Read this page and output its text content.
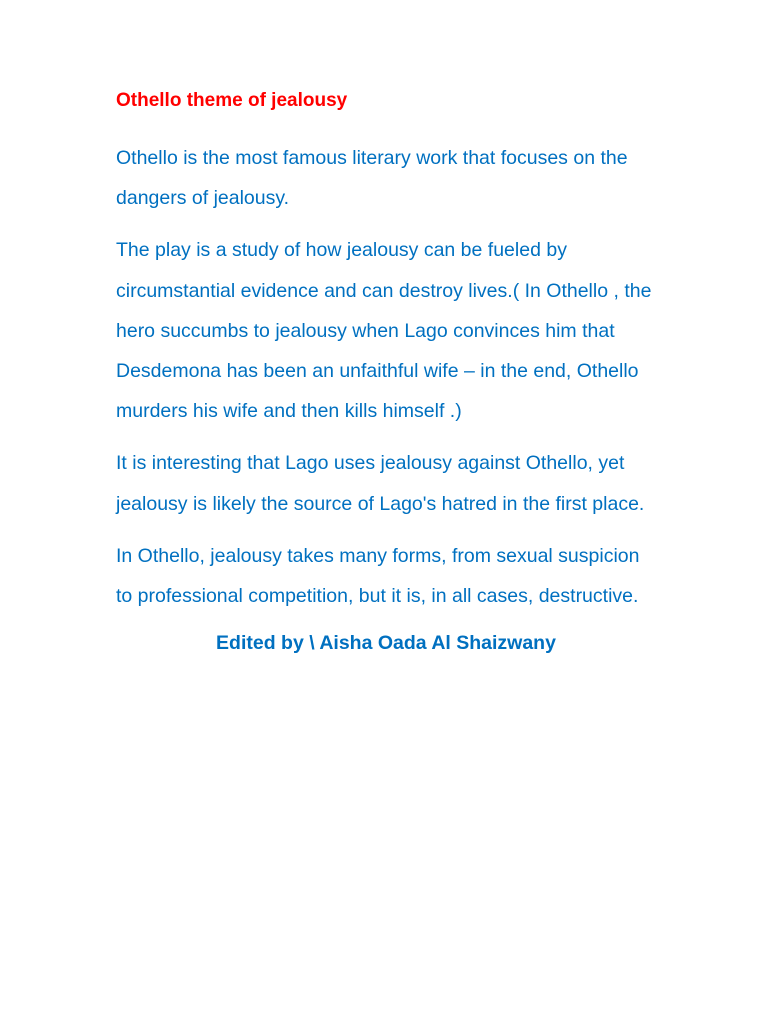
Othello theme of jealousy

Othello is the most famous literary work that focuses on the dangers of jealousy.

The play is a study of how jealousy can be fueled by circumstantial evidence and can destroy lives.( In Othello , the hero succumbs to jealousy when Lago convinces him that Desdemona has been an unfaithful wife – in the end, Othello murders his wife and then kills himself .)

It is interesting that Lago uses jealousy against Othello, yet jealousy is likely the source of Lago's hatred in the first place.

In Othello, jealousy takes many forms, from sexual suspicion to professional competition, but it is, in all cases, destructive.

Edited by \ Aisha Oada Al Shaizwany
